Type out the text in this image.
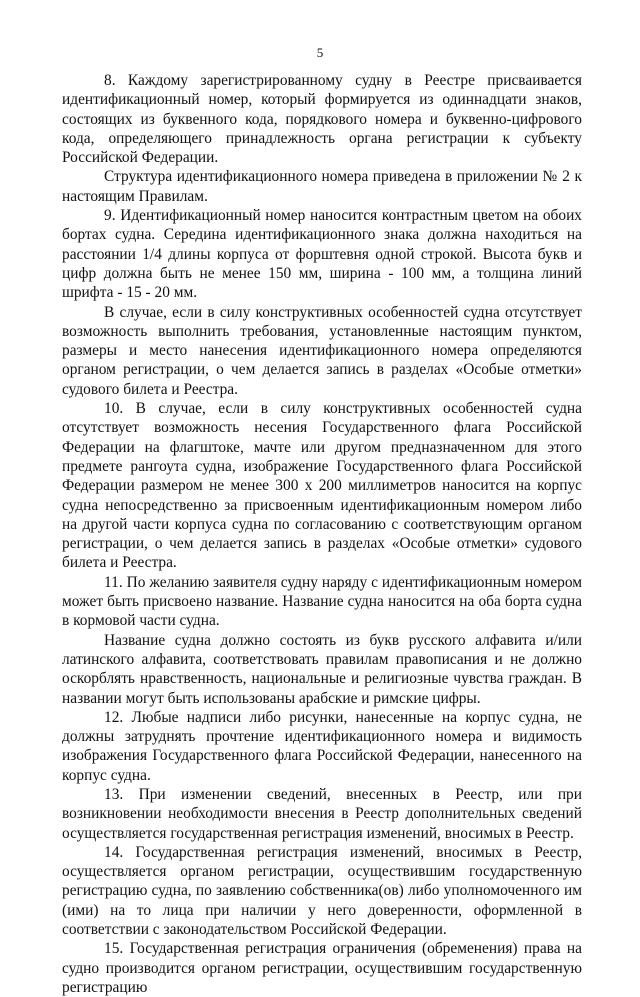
5

8. Каждому зарегистрированному судну в Реестре присваивается идентификационный номер, который формируется из одиннадцати знаков, состоящих из буквенного кода, порядкового номера и буквенно-цифрового кода, определяющего принадлежность органа регистрации к субъекту Российской Федерации.

Структура идентификационного номера приведена в приложении № 2 к настоящим Правилам.

9. Идентификационный номер наносится контрастным цветом на обоих бортах судна. Середина идентификационного знака должна находиться на расстоянии 1/4 длины корпуса от форштевня одной строкой. Высота букв и цифр должна быть не менее 150 мм, ширина - 100 мм, а толщина линий шрифта - 15 - 20 мм.

В случае, если в силу конструктивных особенностей судна отсутствует возможность выполнить требования, установленные настоящим пунктом, размеры и место нанесения идентификационного номера определяются органом регистрации, о чем делается запись в разделах «Особые отметки» судового билета и Реестра.

10. В случае, если в силу конструктивных особенностей судна отсутствует возможность несения Государственного флага Российской Федерации на флагштоке, мачте или другом предназначенном для этого предмете рангоута судна, изображение Государственного флага Российской Федерации размером не менее 300 х 200 миллиметров наносится на корпус судна непосредственно за присвоенным идентификационным номером либо на другой части корпуса судна по согласованию с соответствующим органом регистрации, о чем делается запись в разделах «Особые отметки» судового билета и Реестра.

11. По желанию заявителя судну наряду с идентификационным номером может быть присвоено название. Название судна наносится на оба борта судна в кормовой части судна.

Название судна должно состоять из букв русского алфавита и/или латинского алфавита, соответствовать правилам правописания и не должно оскорблять нравственность, национальные и религиозные чувства граждан. В названии могут быть использованы арабские и римские цифры.

12. Любые надписи либо рисунки, нанесенные на корпус судна, не должны затруднять прочтение идентификационного номера и видимость изображения Государственного флага Российской Федерации, нанесенного на корпус судна.

13. При изменении сведений, внесенных в Реестр, или при возникновении необходимости внесения в Реестр дополнительных сведений осуществляется государственная регистрация изменений, вносимых в Реестр.

14. Государственная регистрация изменений, вносимых в Реестр, осуществляется органом регистрации, осуществившим государственную регистрацию судна, по заявлению собственника(ов) либо уполномоченного им (ими) на то лица при наличии у него доверенности, оформленной в соответствии с законодательством Российской Федерации.

15. Государственная регистрация ограничения (обременения) права на судно производится органом регистрации, осуществившим государственную регистрацию
